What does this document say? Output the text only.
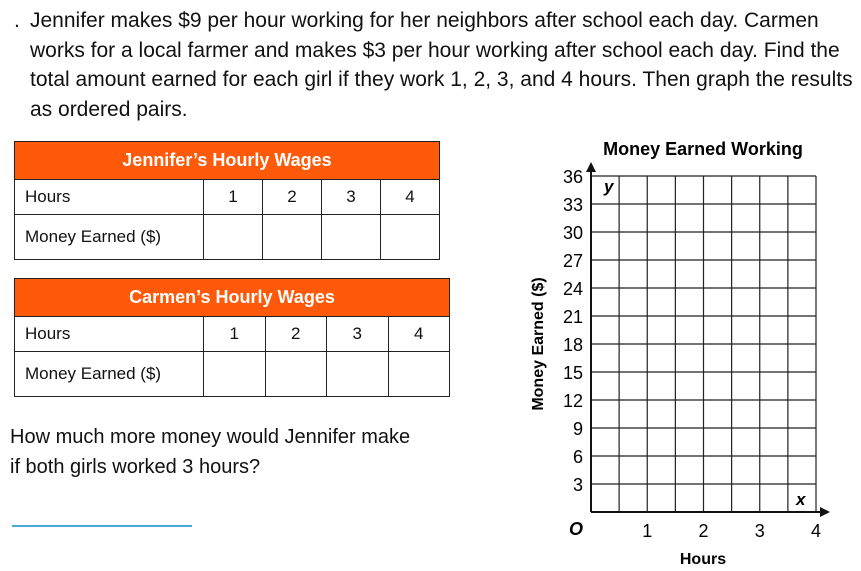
. Jennifer makes $9 per hour working for her neighbors after school each day. Carmen works for a local farmer and makes $3 per hour working after school each day. Find the total amount earned for each girl if they work 1, 2, 3, and 4 hours. Then graph the results as ordered pairs.
Jennifer’s Hourly Wages				
Hours	1	2	3	4
Money Earned ($)				
Carmen’s Hourly Wages				
Hours	1	2	3	4
Money Earned ($)				
How much more money would Jennifer make
if both girls worked 3 hours?
Money Earned Working
3
6
9
12
15
18
21
24
27
30
33
36
1	2	3	4
Money Earned ($)
Hours
y
x
O
